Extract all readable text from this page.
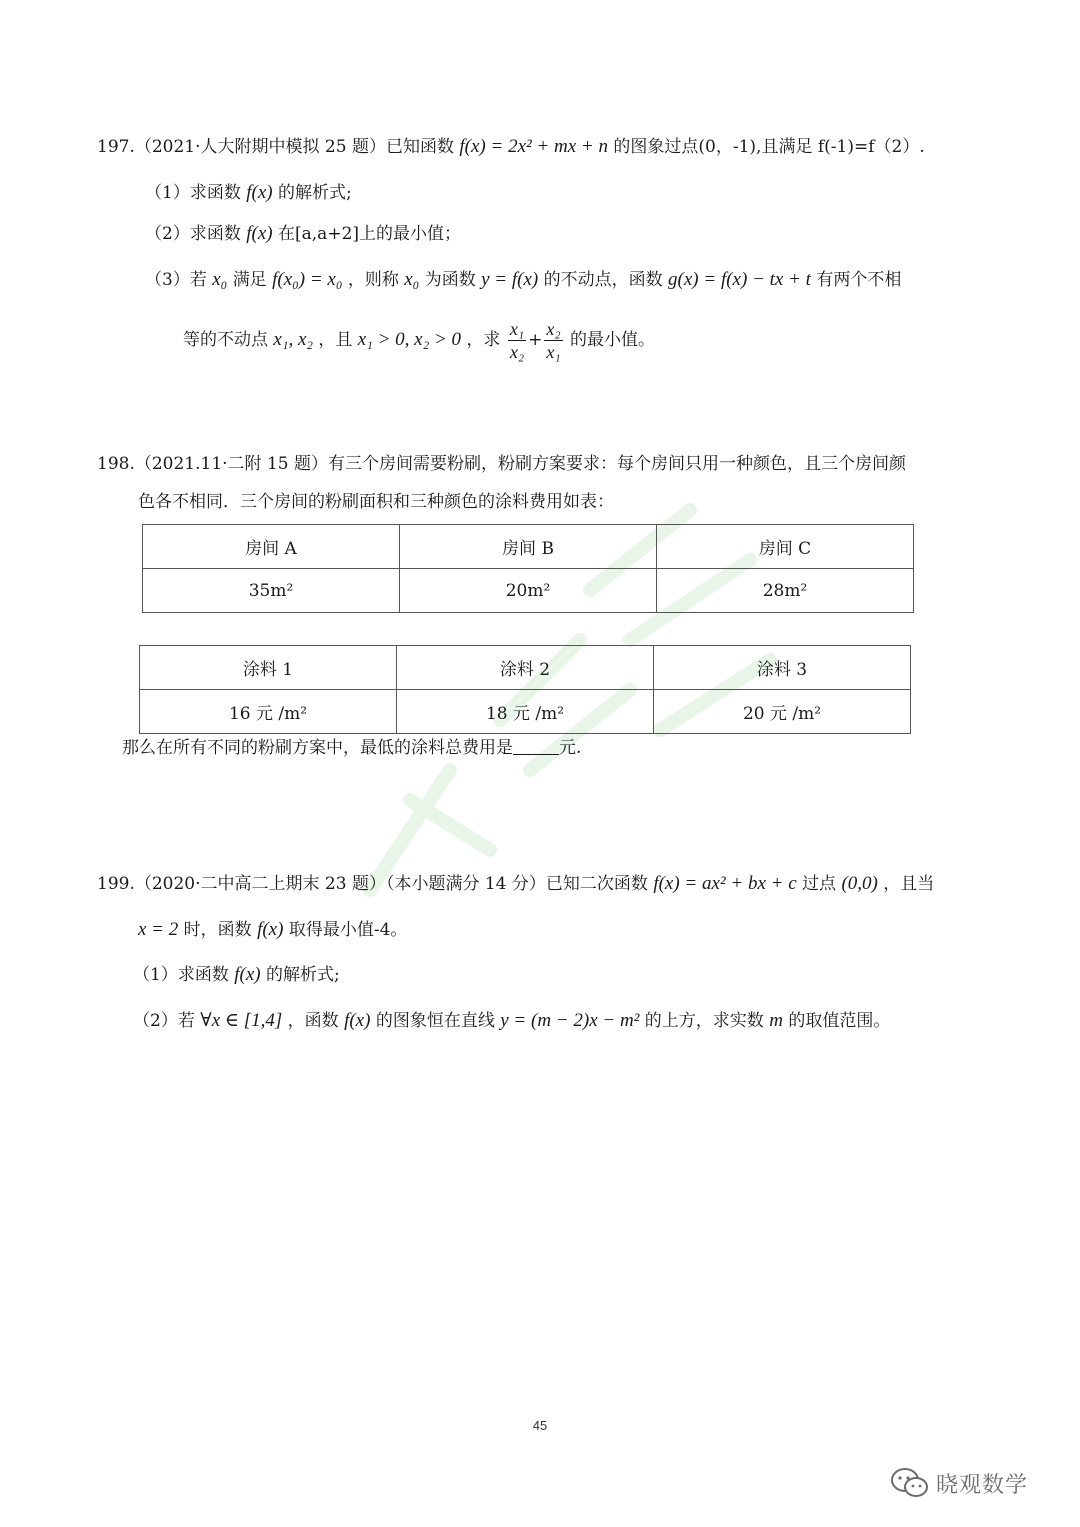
197.（2021·人大附期中模拟 25 题）已知函数 f(x) = 2x² + mx + n 的图象过点(0，-1),且满足 f(-1)=f（2）.
（1）求函数 f(x) 的解析式;
（2）求函数 f(x) 在[a,a+2]上的最小值；
（3）若 x₀ 满足 f(x₀) = x₀ ，则称 x₀ 为函数 y = f(x) 的不动点，函数 g(x) = f(x) − tx + t 有两个不相
等的不动点 x₁, x₂ ，且 x₁ > 0, x₂ > 0 ，求 $\frac{\text{x₁}}{\text{x₂}} + \frac{\text{x₂}}{\text{x₁}}$ 的最小值。
198.（2021.11·二附 15 题）有三个房间需要粉刷，粉刷方案要求：每个房间只用一种颜色，且三个房间颜
色各不相同．三个房间的粉刷面积和三种颜色的涂料费用如表：
房间 A	房间 B	房间 C
35m²	20m²	28m²
涂料 1	涂料 2	涂料 3
16 元 /m²	18 元 /m²	20 元 /m²
那么在所有不同的粉刷方案中，最低的涂料总费用是	元.
199.（2020·二中高二上期末 23 题）（本小题满分 14 分）已知二次函数 f(x) = ax² + bx + c 过点 (0,0) ，且当
x = 2 时，函数 f(x) 取得最小值-4。
（1）求函数 f(x) 的解析式;
（2）若 ∀x ∈ [1,4] ，函数 f(x) 的图象恒在直线 y = (m − 2)x − m² 的上方，求实数 m 的取值范围。
45
晓观数学
